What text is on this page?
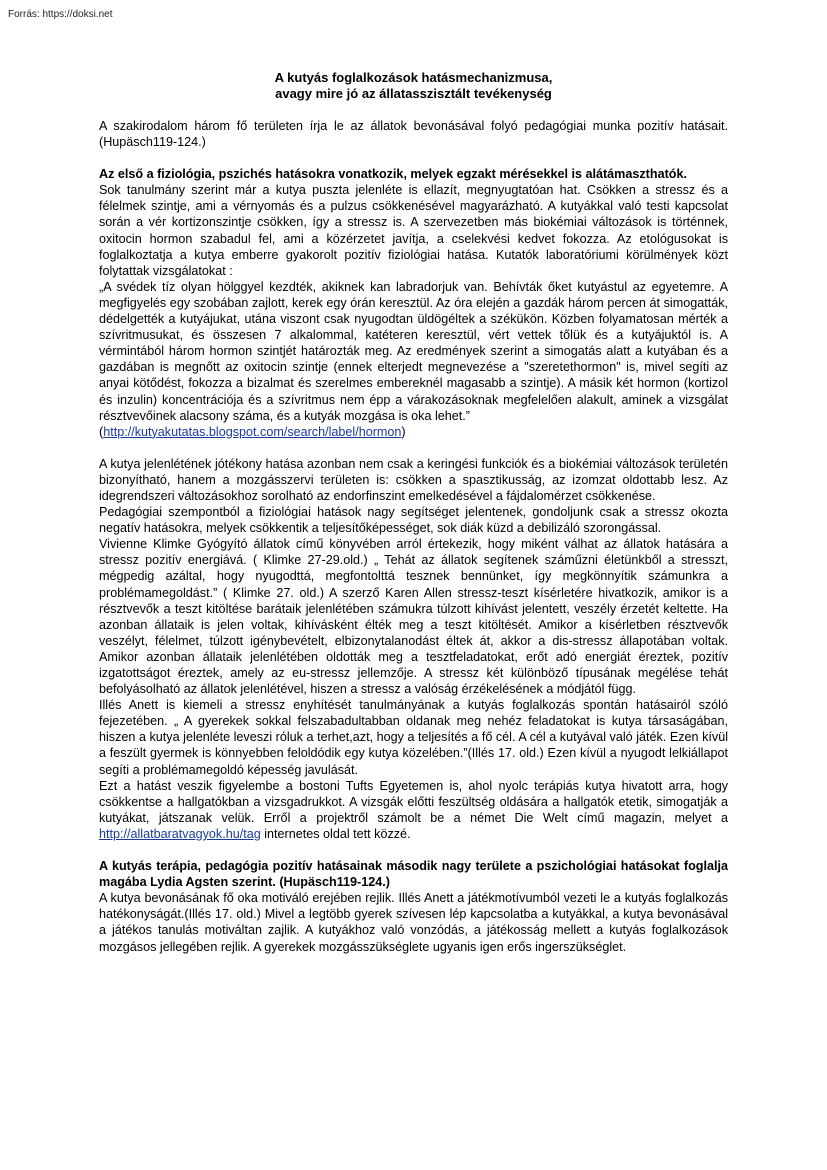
Forrás: https://doksi.net
A kutyás foglalkozások hatásmechanizmusa,
avagy mire jó az állatasszisztált tevékenység

A szakirodalom három fő területen írja le az állatok bevonásával folyó pedagógiai munka pozitív hatásait.(Hupäsch119-124.)

Az első a fiziológia, pszichés hatásokra vonatkozik, melyek egzakt mérésekkel is alátámaszthatók.

Sok tanulmány szerint már a kutya puszta jelenléte is ellazít, megnyugtatóan hat. Csökken a stressz és a félelmek szintje, ami a vérnyomás és a pulzus csökkenésével magyarázható. A kutyákkal való testi kapcsolat során a vér kortizonszintje csökken, így a stressz is. A szervezetben más biokémiai változások is történnek, oxitocin hormon szabadul fel, ami a közérzetet javítja, a cselekvési kedvet fokozza. Az etológusokat is foglalkoztatja a kutya emberre gyakorolt pozitív fiziológiai hatása. Kutatók laboratóriumi körülmények közt folytattak vizsgálatokat :

„A svédek tíz olyan hölggyel kezdték, akiknek kan labradorjuk van. Behívták őket kutyástul az egyetemre. A megfigyelés egy szobában zajlott, kerek egy órán keresztül. Az óra elején a gazdák három percen át simogatták, dédelgették a kutyájukat, utána viszont csak nyugodtan üldögéltek a székükön. Közben folyamatosan mérték a szívritmusukat, és összesen 7 alkalommal, katéteren keresztül, vért vettek tőlük és a kutyájuktól is. A vérmintából három hormon szintjét határozták meg. Az eredmények szerint a simogatás alatt a kutyában és a gazdában is megnőtt az oxitocin szintje (ennek elterjedt megnevezése a "szeretethormon" is, mivel segíti az anyai kötődést, fokozza a bizalmat és szerelmes embereknél magasabb a szintje). A másik két hormon (kortizol és inzulin) koncentrációja és a szívritmus nem épp a várakozásoknak megfelelően alakult, aminek a vizsgálat résztvevőinek alacsony száma, és a kutyák mozgása is oka lehet.”

(http://kutyakutatas.blogspot.com/search/label/hormon)

A kutya jelenlétének jótékony hatása azonban nem csak a keringési funkciók és a biokémiai változások területén bizonyítható, hanem a mozgásszervi területen is: csökken a spasztikusság, az izomzat oldottabb lesz. Az idegrendszeri változásokhoz sorolható az endorfinszint emelkedésével a fájdalomérzet csökkenése.

Pedagógiai szempontból a fiziológiai hatások nagy segítséget jelentenek, gondoljunk csak a stressz okozta negatív hatásokra, melyek csökkentik a teljesítőképességet, sok diák küzd a debilizáló szorongással.

Vivienne Klimke Gyógyító állatok című könyvében arról értekezik, hogy miként válhat az állatok hatására a stressz pozitív energiává. ( Klimke 27-29.old.) „ Tehát az állatok segítenek száműzni életünkből a stresszt, mégpedig azáltal, hogy nyugodttá, megfontolttá tesznek bennünket, így megkönnyítik számunkra a problémamegoldást.” ( Klimke 27. old.) A szerző Karen Allen stressz-teszt kísérletére hivatkozik, amikor is a résztvevők a teszt kitöltése barátaik jelenlétében számukra túlzott kihívást jelentett, veszély érzetét keltette. Ha azonban állataik is jelen voltak, kihívásként élték meg a teszt kitöltését. Amikor a kísérletben résztvevők veszélyt, félelmet, túlzott igénybevételt, elbizonytalanodást éltek át, akkor a dis-stressz állapotában voltak. Amikor azonban állataik jelenlétében oldották meg a tesztfeladatokat, erőt adó energiát éreztek, pozitív izgatottságot éreztek, amely az eu-stressz jellemzője. A stressz két különböző típusának megélése tehát befolyásolható az állatok jelenlétével, hiszen a stressz a valóság érzékelésének a módjától függ.

Illés Anett is kiemeli a stressz enyhítését tanulmányának a kutyás foglalkozás spontán hatásairól szóló fejezetében. „ A gyerekek sokkal felszabadultabban oldanak meg nehéz feladatokat is kutya társaságában, hiszen a kutya jelenléte leveszi róluk a terhet,azt, hogy a teljesítés a fő cél. A cél a kutyával való játék. Ezen kívül a feszült gyermek is könnyebben feloldódik egy kutya közelében.”(Illés 17. old.) Ezen kívül a nyugodt lelkiállapot segíti a problémamegoldó képesség javulását.

Ezt a hatást veszik figyelembe a bostoni Tufts Egyetemen is, ahol nyolc terápiás kutya hivatott arra, hogy csökkentse a hallgatókban a vizsgadrukkot. A vizsgák előtti feszültség oldására a hallgatók etetik, simogatják a kutyákat, játszanak velük. Erről a projektről számolt be a német Die Welt című magazin, melyet a http://allatbaratvagyok.hu/tag internetes oldal tett közzé.

A kutyás terápia, pedagógia pozitív hatásainak második nagy területe a pszichológiai hatásokat foglalja magába Lydia Agsten szerint. (Hupäsch119-124.)

A kutya bevonásának fő oka motiváló erejében rejlik. Illés Anett a játékmotívumból vezeti le a kutyás foglalkozás hatékonyságát.(Illés 17. old.) Mivel a legtöbb gyerek szívesen lép kapcsolatba a kutyákkal, a kutya bevonásával a játékos tanulás motiváltan zajlik. A kutyákhoz való vonzódás, a játékosság mellett a kutyás foglalkozások mozgásos jellegében rejlik. A gyerekek mozgásszükséglete ugyanis igen erős ingerszükséglet.
